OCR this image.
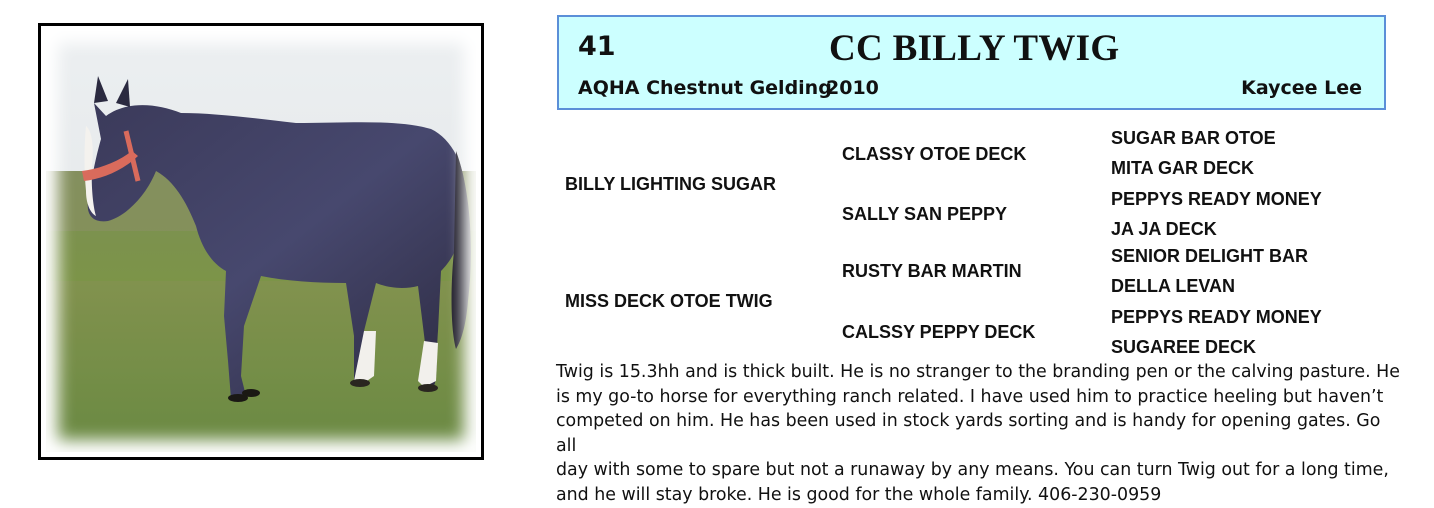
41	CC BILLY TWIG
AQHA Chestnut Gelding
2010	Kaycee Lee
BILLY LIGHTING SUGAR
MISS DECK OTOE TWIG
CLASSY OTOE DECK
SALLY SAN PEPPY
RUSTY BAR MARTIN
CALSSY PEPPY DECK
SUGAR BAR OTOE
MITA GAR DECK
PEPPYS READY MONEY
JA JA DECK
SENIOR DELIGHT BAR
DELLA LEVAN
PEPPYS READY MONEY
SUGAREE DECK
Twig is 15.3hh and is thick built. He is no stranger to the branding pen or the calving pasture. He
is my go-to horse for everything ranch related. I have used him to practice heeling but haven’t
competed on him. He has been used in stock yards sorting and is handy for opening gates. Go all
day with some to spare but not a runaway by any means. You can turn Twig out for a long time,
and he will stay broke. He is good for the whole family. 406-230-0959
